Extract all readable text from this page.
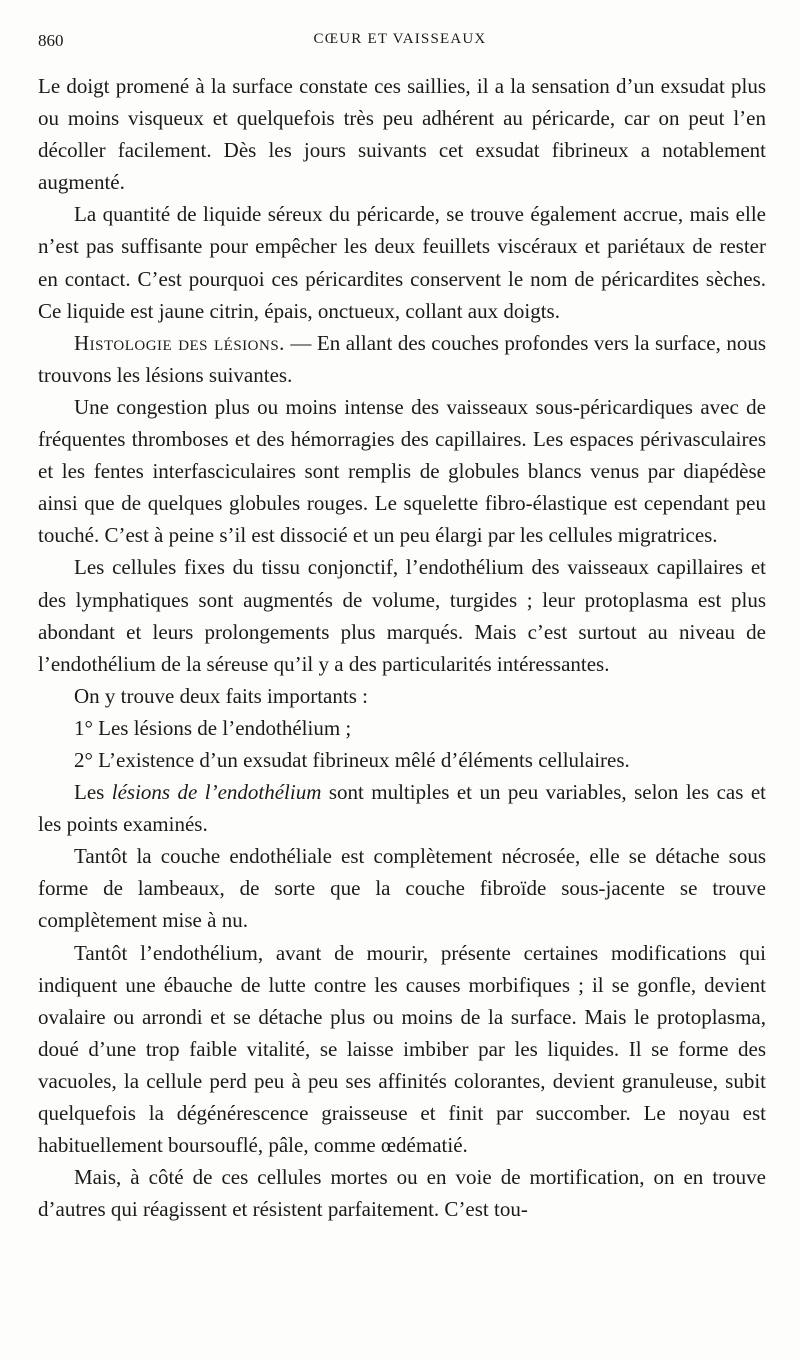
860	CŒUR ET VAISSEAUX

Le doigt promené à la surface constate ces saillies, il a la sensation d’un exsudat plus ou moins visqueux et quelquefois très peu adhérent au péricarde, car on peut l’en décoller facilement. Dès les jours suivants cet exsudat fibrineux a notablement augmenté.

La quantité de liquide séreux du péricarde, se trouve également accrue, mais elle n’est pas suffisante pour empêcher les deux feuillets viscéraux et pariétaux de rester en contact. C’est pourquoi ces péricardites conservent le nom de péricardites sèches. Ce liquide est jaune citrin, épais, onctueux, collant aux doigts.

Histologie des lésions. — En allant des couches profondes vers la surface, nous trouvons les lésions suivantes.

Une congestion plus ou moins intense des vaisseaux sous-péricardiques avec de fréquentes thromboses et des hémorragies des capillaires. Les espaces périvasculaires et les fentes interfasciculaires sont remplis de globules blancs venus par diapédèse ainsi que de quelques globules rouges. Le squelette fibro-élastique est cependant peu touché. C’est à peine s’il est dissocié et un peu élargi par les cellules migratrices.

Les cellules fixes du tissu conjonctif, l’endothélium des vaisseaux capillaires et des lymphatiques sont augmentés de volume, turgides ; leur protoplasma est plus abondant et leurs prolongements plus marqués. Mais c’est surtout au niveau de l’endothélium de la séreuse qu’il y a des particularités intéressantes.

On y trouve deux faits importants :

1° Les lésions de l’endothélium ;

2° L’existence d’un exsudat fibrineux mêlé d’éléments cellulaires.

Les lésions de l’endothélium sont multiples et un peu variables, selon les cas et les points examinés.

Tantôt la couche endothéliale est complètement nécrosée, elle se détache sous forme de lambeaux, de sorte que la couche fibroïde sous-jacente se trouve complètement mise à nu.

Tantôt l’endothélium, avant de mourir, présente certaines modifications qui indiquent une ébauche de lutte contre les causes morbifiques ; il se gonfle, devient ovalaire ou arrondi et se détache plus ou moins de la surface. Mais le protoplasma, doué d’une trop faible vitalité, se laisse imbiber par les liquides. Il se forme des vacuoles, la cellule perd peu à peu ses affinités colorantes, devient granuleuse, subit quelquefois la dégénérescence graisseuse et finit par succomber. Le noyau est habituellement boursouflé, pâle, comme œdématié.

Mais, à côté de ces cellules mortes ou en voie de mortification, on en trouve d’autres qui réagissent et résistent parfaitement. C’est tou-
